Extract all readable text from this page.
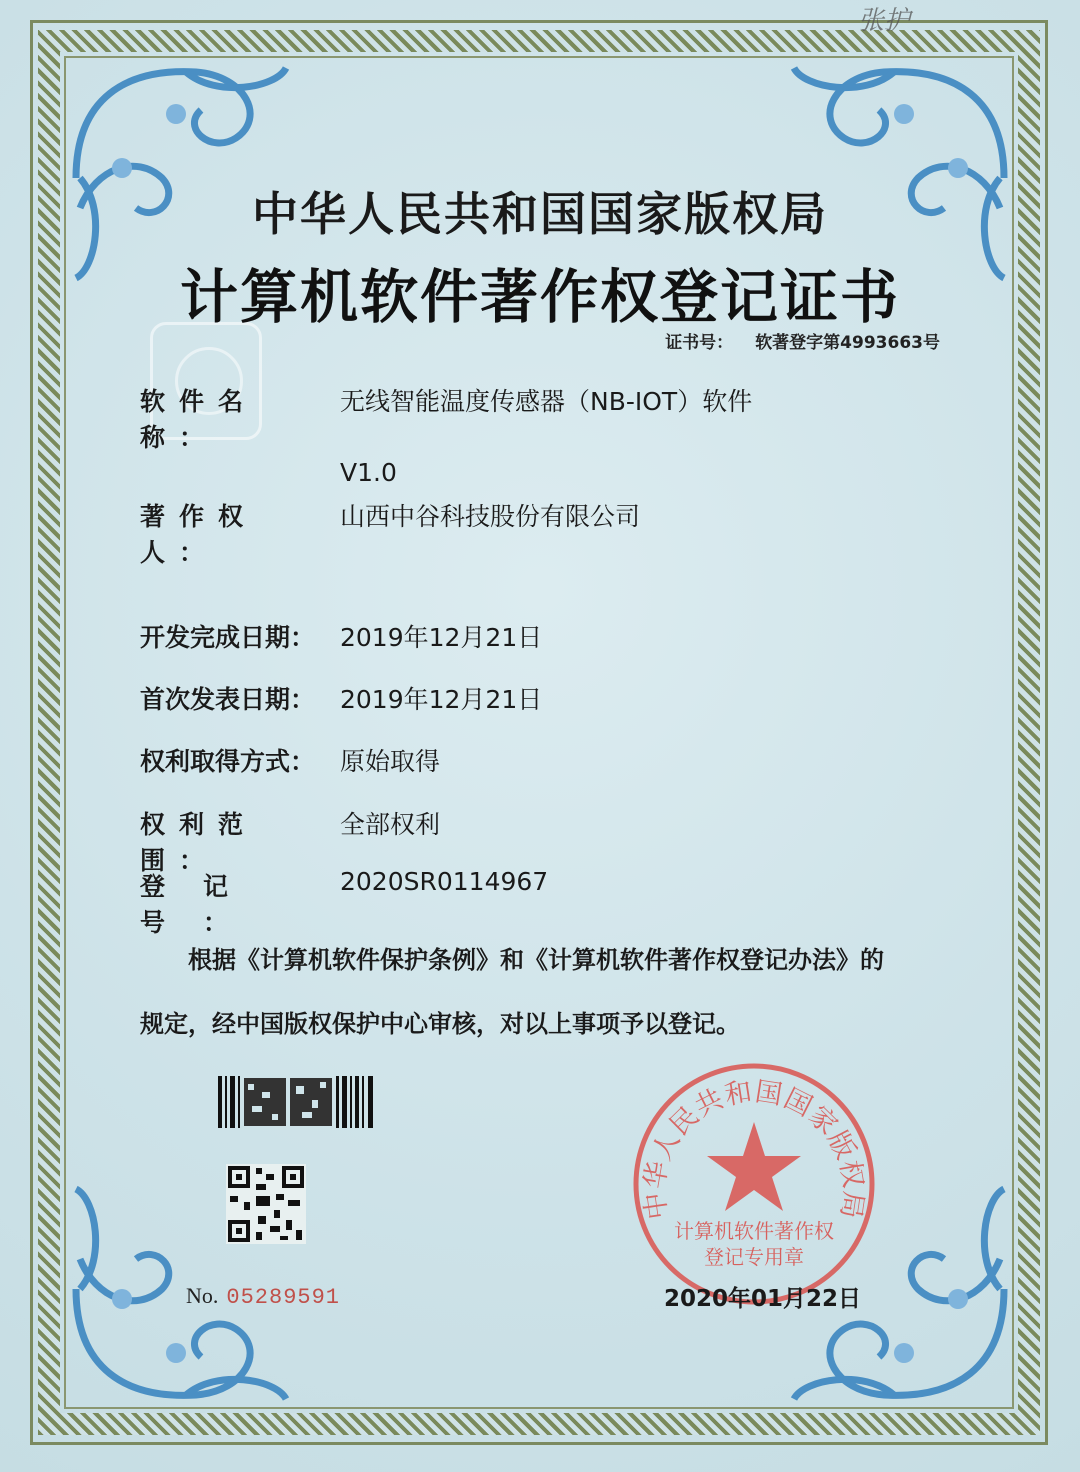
张护
中华人民共和国国家版权局
计算机软件著作权登记证书
证书号： 软著登字第4993663号
软件名称：无线智能温度传感器（NB-IOT）软件
V1.0
著作权人：山西中谷科技股份有限公司
开发完成日期： 2019年12月21日
首次发表日期： 2019年12月21日
权利取得方式： 原始取得
权利范围：全部权利
登记号：2020SR0114967
根据《计算机软件保护条例》和《计算机软件著作权登记办法》的
规定，经中国版权保护中心审核，对以上事项予以登记。
No. 05289591
中华人民共和国国家版权局
计算机软件著作权
登记专用章
2020年01月22日
